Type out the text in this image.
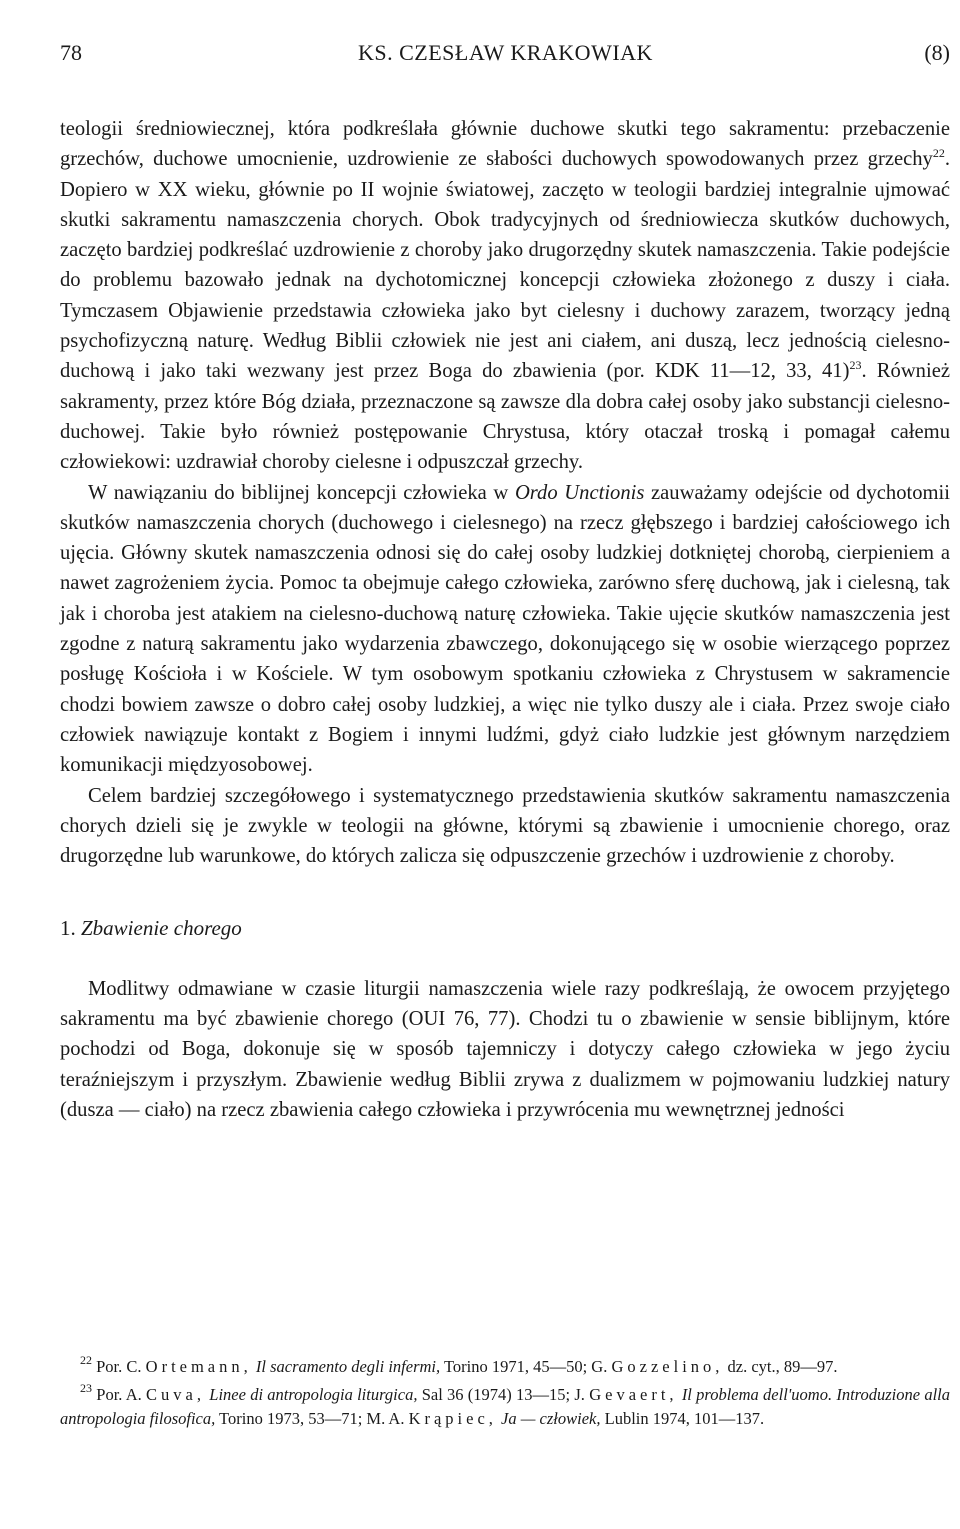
78	KS. CZESŁAW KRAKOWIAK	(8)

teologii średniowiecznej, która podkreślała głównie duchowe skutki tego sakramentu: przebaczenie grzechów, duchowe umocnienie, uzdrowienie ze słabości duchowych spowodowanych przez grzechy$^{22}$. Dopiero w XX wieku, głównie po II wojnie światowej, zaczęto w teologii bardziej integralnie ujmować skutki sakramentu namaszczenia chorych. Obok tradycyjnych od średniowiecza skutków duchowych, zaczęto bardziej podkreślać uzdrowienie z choroby jako drugorzędny skutek namaszczenia. Takie podejście do problemu bazowało jednak na dychotomicznej koncepcji człowieka złożonego z duszy i ciała. Tymczasem Objawienie przedstawia człowieka jako byt cielesny i duchowy zarazem, tworzący jedną psychofizyczną naturę. Według Biblii człowiek nie jest ani ciałem, ani duszą, lecz jednością cielesno-duchową i jako taki wezwany jest przez Boga do zbawienia (por. KDK 11—12, 33, 41)$^{23}$. Również sakramenty, przez które Bóg działa, przeznaczone są zawsze dla dobra całej osoby jako substancji cielesno-duchowej. Takie było również postępowanie Chrystusa, który otaczał troską i pomagał całemu człowiekowi: uzdrawiał choroby cielesne i odpuszczał grzechy.

W nawiązaniu do biblijnej koncepcji człowieka w Ordo Unctionis zauważamy odejście od dychotomii skutków namaszczenia chorych (duchowego i cielesnego) na rzecz głębszego i bardziej całościowego ich ujęcia. Główny skutek namaszczenia odnosi się do całej osoby ludzkiej dotkniętej chorobą, cierpieniem a nawet zagrożeniem życia. Pomoc ta obejmuje całego człowieka, zarówno sferę duchową, jak i cielesną, tak jak i choroba jest atakiem na cielesno-duchową naturę człowieka. Takie ujęcie skutków namaszczenia jest zgodne z naturą sakramentu jako wydarzenia zbawczego, dokonującego się w osobie wierzącego poprzez posługę Kościoła i w Kościele. W tym osobowym spotkaniu człowieka z Chrystusem w sakramencie chodzi bowiem zawsze o dobro całej osoby ludzkiej, a więc nie tylko duszy ale i ciała. Przez swoje ciało człowiek nawiązuje kontakt z Bogiem i innymi ludźmi, gdyż ciało ludzkie jest głównym narzędziem komunikacji międzyosobowej.

Celem bardziej szczegółowego i systematycznego przedstawienia skutków sakramentu namaszczenia chorych dzieli się je zwykle w teologii na główne, którymi są zbawienie i umocnienie chorego, oraz drugorzędne lub warunkowe, do których zalicza się odpuszczenie grzechów i uzdrowienie z choroby.

1. Zbawienie chorego

Modlitwy odmawiane w czasie liturgii namaszczenia wiele razy podkreślają, że owocem przyjętego sakramentu ma być zbawienie chorego (OUI 76, 77). Chodzi tu o zbawienie w sensie biblijnym, które pochodzi od Boga, dokonuje się w sposób tajemniczy i dotyczy całego człowieka w jego życiu teraźniejszym i przyszłym. Zbawienie według Biblii zrywa z dualizmem w pojmowaniu ludzkiej natury (dusza — ciało) na rzecz zbawienia całego człowieka i przywrócenia mu wewnętrznej jedności

$^{22}$ Por. C. Ortemann, Il sacramento degli infermi, Torino 1971, 45—50; G. Gozzelino, dz. cyt., 89—97.

$^{23}$ Por. A. Cuva, Linee di antropologia liturgica, Sal 36 (1974) 13—15; J. Gevaert, Il problema dell'uomo. Introduzione alla antropologia filosofica, Torino 1973, 53—71; M. A. Krąpiec, Ja — człowiek, Lublin 1974, 101—137.
